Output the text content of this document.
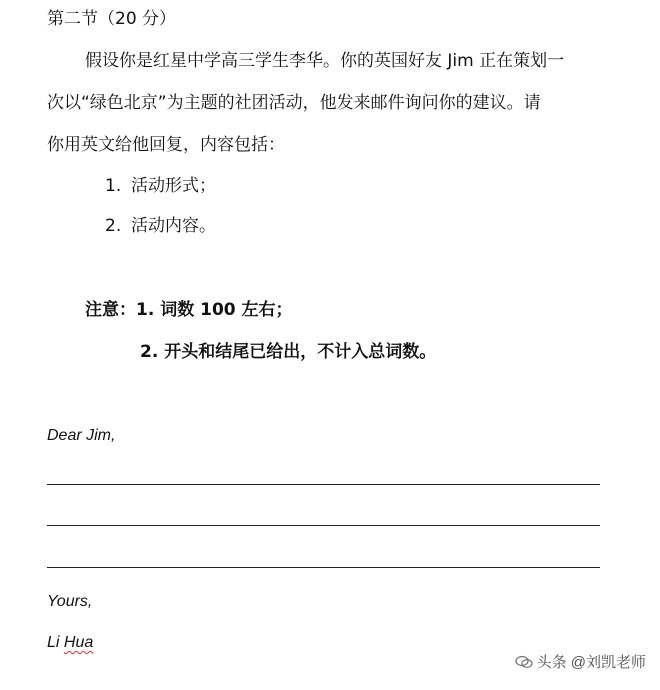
第二节（20 分）
假设你是红星中学高三学生李华。你的英国好友 Jim 正在策划一
次以“绿色北京”为主题的社团活动，他发来邮件询问你的建议。请
你用英文给他回复，内容包括：
1. 活动形式；
2. 活动内容。
注意：1. 词数 100 左右；
2. 开头和结尾已给出，不计入总词数。
Dear Jim,
Yours,
Li Hua
头条 @刘凯老师
